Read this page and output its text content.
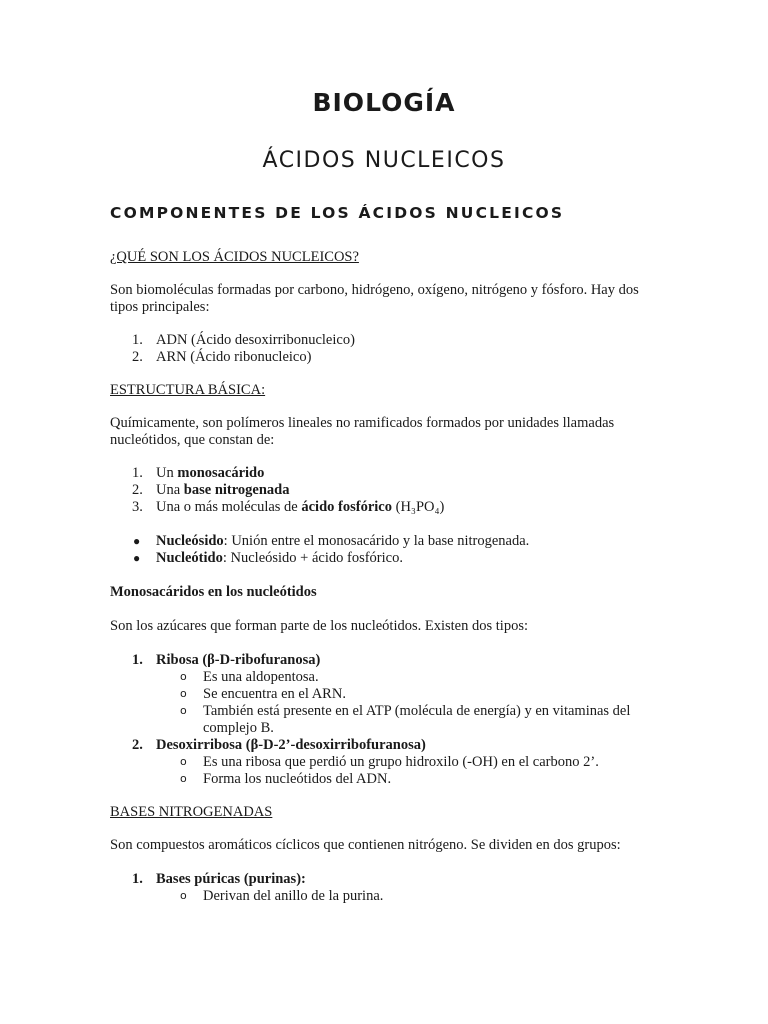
BIOLOGÍA
ÁCIDOS NUCLEICOS
COMPONENTES DE LOS ÁCIDOS NUCLEICOS

¿QUÉ SON LOS ÁCIDOS NUCLEICOS?

Son biomoléculas formadas por carbono, hidrógeno, oxígeno, nitrógeno y fósforo. Hay dos tipos principales:

1. ADN (Ácido desoxirribonucleico)
2. ARN (Ácido ribonucleico)

ESTRUCTURA BÁSICA:

Químicamente, son polímeros lineales no ramificados formados por unidades llamadas nucleótidos, que constan de:

1. Un monosacárido
2. Una base nitrogenada
3. Una o más moléculas de ácido fosfórico (H₃PO₄)
● Nucleósido: Unión entre el monosacárido y la base nitrogenada.
● Nucleótido: Nucleósido + ácido fosfórico.

Monosacáridos en los nucleótidos

Son los azúcares que forman parte de los nucleótidos. Existen dos tipos:

1. Ribosa (β-D-ribofuranosa)
o Es una aldopentosa.
o Se encuentra en el ARN.
o También está presente en el ATP (molécula de energía) y en vitaminas del complejo B.
2. Desoxirribosa (β-D-2’-desoxirribofuranosa)
o Es una ribosa que perdió un grupo hidroxilo (-OH) en el carbono 2’.
o Forma los nucleótidos del ADN.

BASES NITROGENADAS

Son compuestos aromáticos cíclicos que contienen nitrógeno. Se dividen en dos grupos:

1. Bases púricas (purinas):
o Derivan del anillo de la purina.
